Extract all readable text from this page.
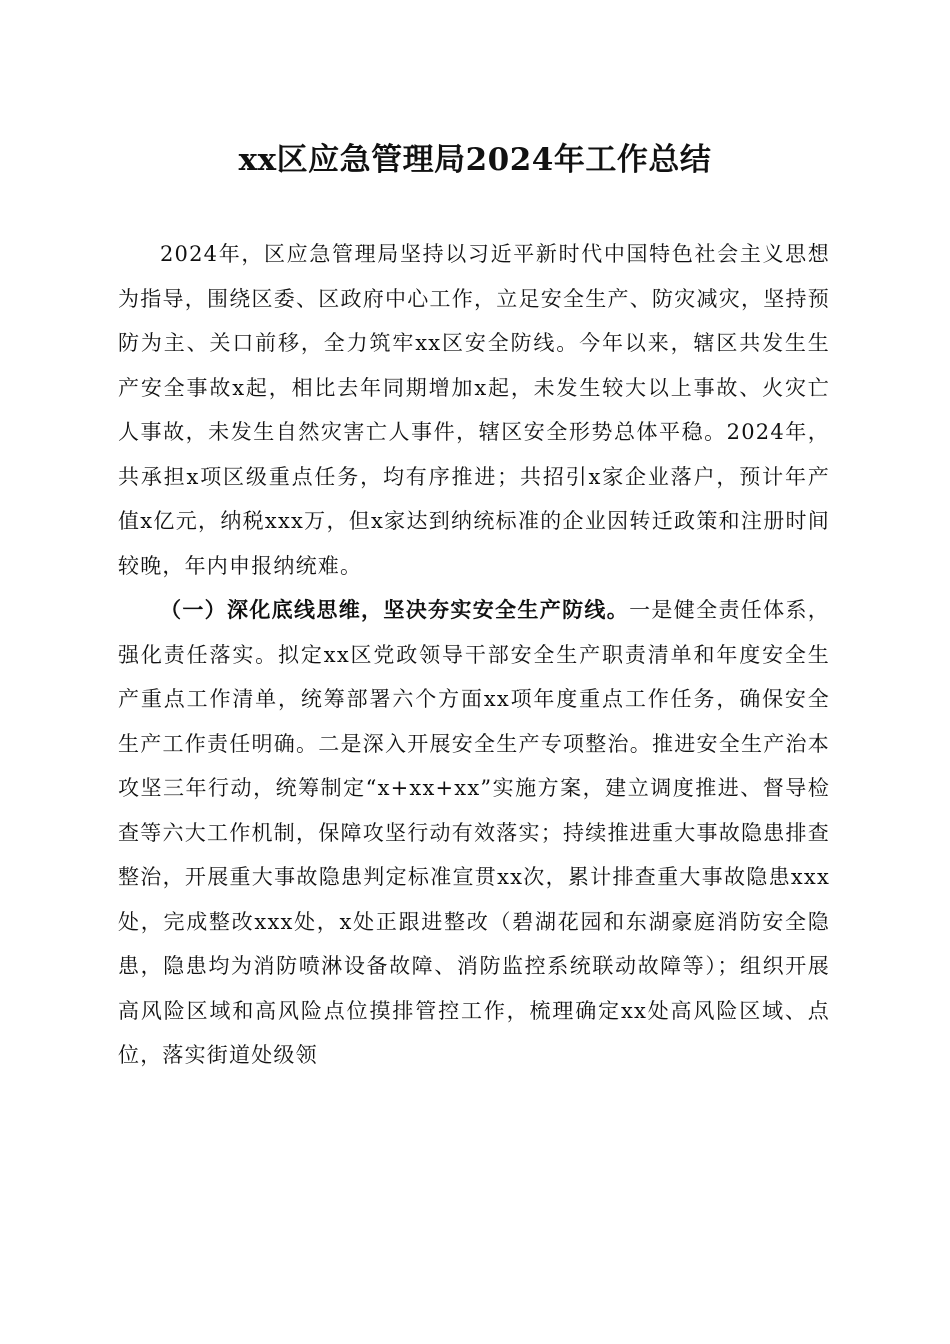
xx区应急管理局2024年工作总结

2024年，区应急管理局坚持以习近平新时代中国特色社会主义思想为指导，围绕区委、区政府中心工作，立足安全生产、防灾减灾，坚持预防为主、关口前移，全力筑牢xx区安全防线。今年以来，辖区共发生生产安全事故x起，相比去年同期增加x起，未发生较大以上事故、火灾亡人事故，未发生自然灾害亡人事件，辖区安全形势总体平稳。2024年，共承担x项区级重点任务，均有序推进；共招引x家企业落户，预计年产值x亿元，纳税xxx万，但x家达到纳统标准的企业因转迁政策和注册时间较晚，年内申报纳统难。

（一）深化底线思维，坚决夯实安全生产防线。一是健全责任体系，强化责任落实。拟定xx区党政领导干部安全生产职责清单和年度安全生产重点工作清单，统筹部署六个方面xx项年度重点工作任务，确保安全生产工作责任明确。二是深入开展安全生产专项整治。推进安全生产治本攻坚三年行动，统筹制定“x+xx+xx”实施方案，建立调度推进、督导检查等六大工作机制，保障攻坚行动有效落实；持续推进重大事故隐患排查整治，开展重大事故隐患判定标准宣贯xx次，累计排查重大事故隐患xxx处，完成整改xxx处，x处正跟进整改（碧湖花园和东湖豪庭消防安全隐患，隐患均为消防喷淋设备故障、消防监控系统联动故障等）；组织开展高风险区域和高风险点位摸排管控工作，梳理确定xx处高风险区域、点位，落实街道处级领
